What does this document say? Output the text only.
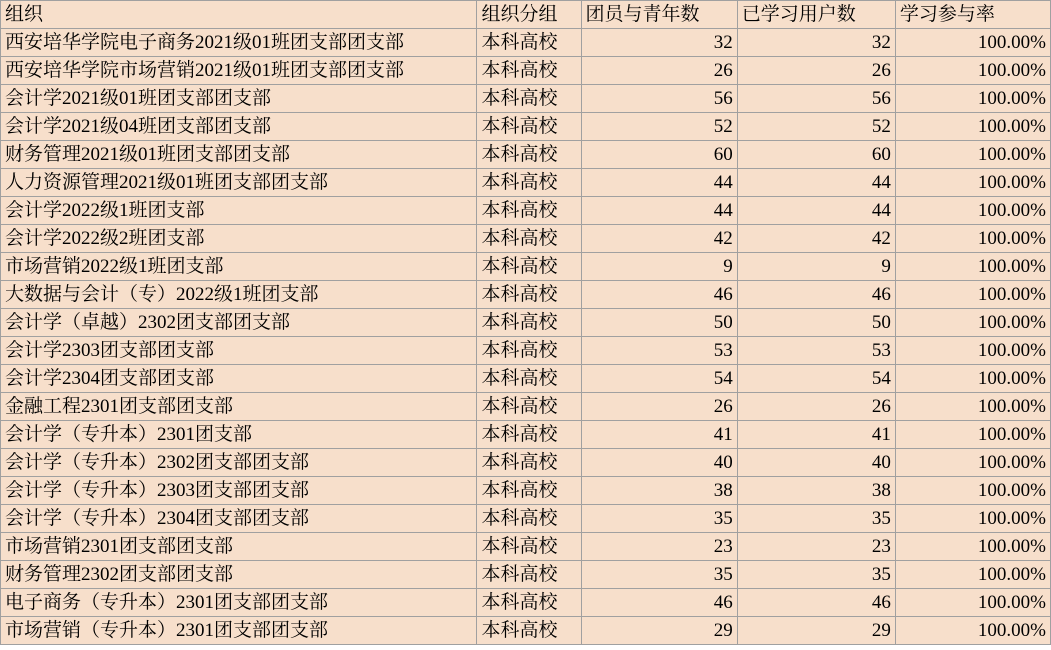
组织	组织分组	团员与青年数	已学习用户数	学习参与率
西安培华学院电子商务2021级01班团支部团支部	本科高校	32	32	100.00%
西安培华学院市场营销2021级01班团支部团支部	本科高校	26	26	100.00%
会计学2021级01班团支部团支部	本科高校	56	56	100.00%
会计学2021级04班团支部团支部	本科高校	52	52	100.00%
财务管理2021级01班团支部团支部	本科高校	60	60	100.00%
人力资源管理2021级01班团支部团支部	本科高校	44	44	100.00%
会计学2022级1班团支部	本科高校	44	44	100.00%
会计学2022级2班团支部	本科高校	42	42	100.00%
市场营销2022级1班团支部	本科高校	9	9	100.00%
大数据与会计（专）2022级1班团支部	本科高校	46	46	100.00%
会计学（卓越）2302团支部团支部	本科高校	50	50	100.00%
会计学2303团支部团支部	本科高校	53	53	100.00%
会计学2304团支部团支部	本科高校	54	54	100.00%
金融工程2301团支部团支部	本科高校	26	26	100.00%
会计学（专升本）2301团支部	本科高校	41	41	100.00%
会计学（专升本）2302团支部团支部	本科高校	40	40	100.00%
会计学（专升本）2303团支部团支部	本科高校	38	38	100.00%
会计学（专升本）2304团支部团支部	本科高校	35	35	100.00%
市场营销2301团支部团支部	本科高校	23	23	100.00%
财务管理2302团支部团支部	本科高校	35	35	100.00%
电子商务（专升本）2301团支部团支部	本科高校	46	46	100.00%
市场营销（专升本）2301团支部团支部	本科高校	29	29	100.00%
